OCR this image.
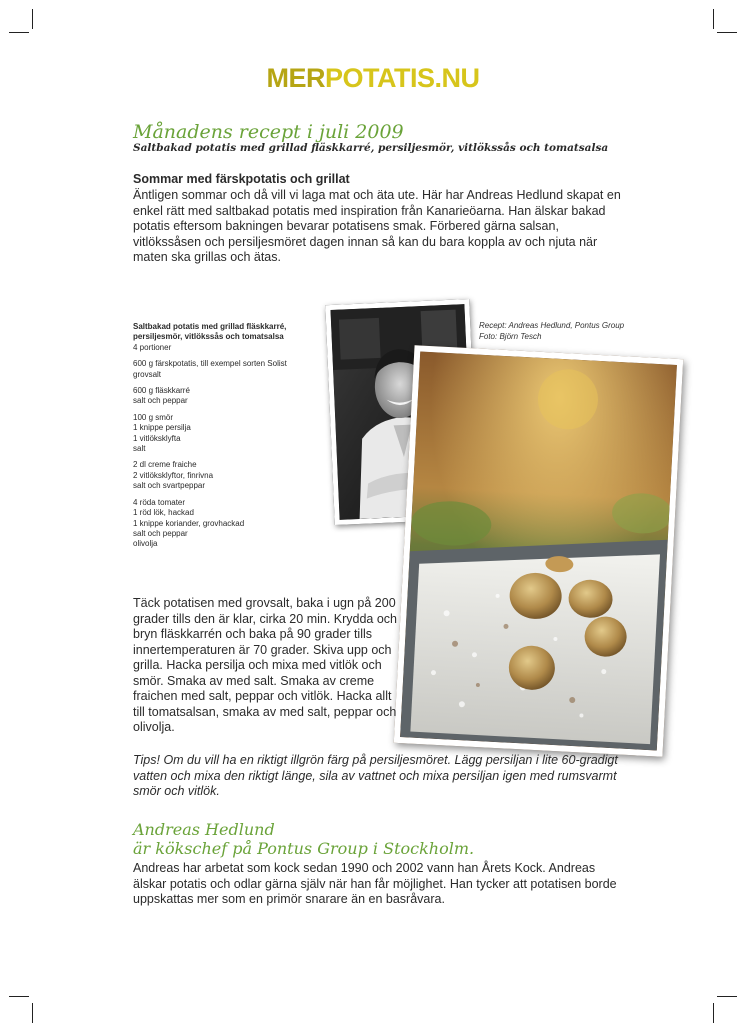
MERPOTATIS.NU
Månadens recept i juli 2009
Saltbakad potatis med grillad fläskkarré, persiljesmör, vitlökssås och tomatsalsa
Sommar med färskpotatis och grillat

Äntligen sommar och då vill vi laga mat och äta ute. Här har Andreas Hedlund skapat en enkel rätt med saltbakad potatis med inspiration från Kanarieöarna. Han älskar bakad potatis eftersom bakningen bevarar potatisens smak. Förbered gärna salsan, vitlökssåsen och persiljesmöret dagen innan så kan du bara koppla av och njuta när maten ska grillas och ätas.

Saltbakad potatis med grillad fläskkarré,
persiljesmör, vitlökssås och tomatsalsa
4 portioner
600 g färskpotatis, till exempel sorten Solist
grovsalt
600 g fläskkarré
salt och peppar
100 g smör
1 knippe persilja
1 vitlöksklyfta
salt
2 dl creme fraiche
2 vitlöksklyftor, finrivna
salt och svartpeppar
4 röda tomater
1 röd lök, hackad
1 knippe koriander, grovhackad
salt och peppar
olivolja
Recept: Andreas Hedlund, Pontus Group
Foto: Björn Tesch

Täck potatisen med grovsalt, baka i ugn på 200 grader tills den är klar, cirka 20 min. Krydda och bryn fläskkarrén och baka på 90 grader tills innertemperaturen är 70 grader. Skiva upp och grilla. Hacka persilja och mixa med vitlök och smör. Smaka av med salt. Smaka av creme fraichen med salt, peppar och vitlök. Hacka allt till tomatsalsan, smaka av med salt, peppar och olivolja.

Tips! Om du vill ha en riktigt illgrön färg på persiljesmöret. Lägg persiljan i lite 60-gradigt vatten och mixa den riktigt länge, sila av vattnet och mixa persiljan igen med rumsvarmt smör och vitlök.

Andreas Hedlund
är kökschef på Pontus Group i Stockholm.

Andreas har arbetat som kock sedan 1990 och 2002 vann han Årets Kock. Andreas älskar potatis och odlar gärna själv när han får möjlighet. Han tycker att potatisen borde uppskattas mer som en primör snarare än en basråvara.
